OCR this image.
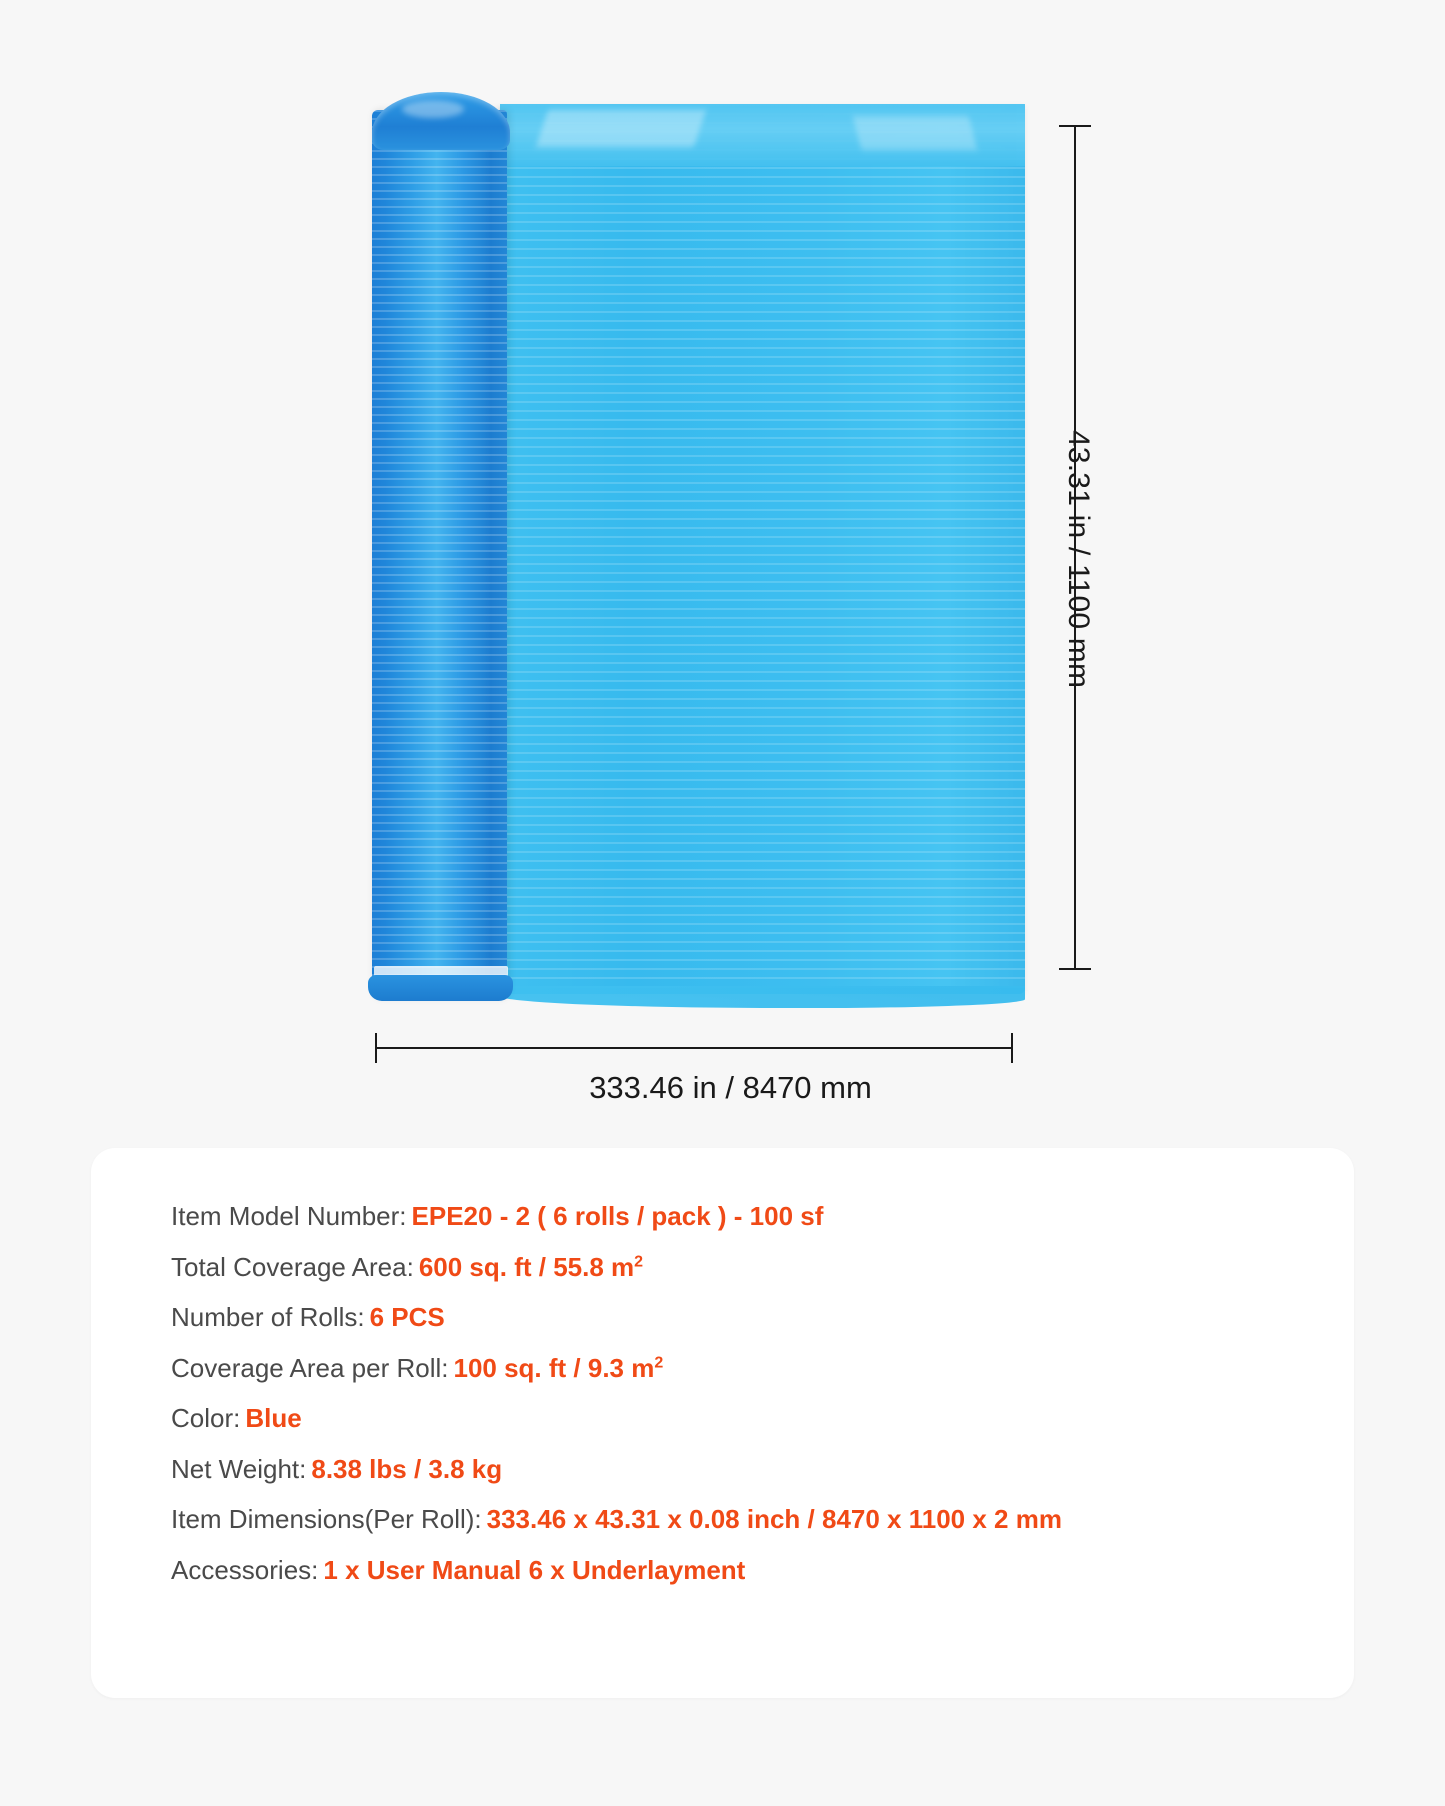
43.31 in / 1100 mm
333.46 in / 8470 mm
Item Model Number: EPE20 - 2 ( 6 rolls / pack ) - 100 sf
Total Coverage Area: 600 sq. ft / 55.8 $m^2$
Number of Rolls: 6 PCS
Coverage Area per Roll: 100 sq. ft / 9.3 $m^2$
Color: Blue
Net Weight: 8.38 lbs / 3.8 kg
Item Dimensions(Per Roll): 333.46 x 43.31 x 0.08 inch / 8470 x 1100 x 2 mm
Accessories: 1 x User Manual 6 x Underlayment
